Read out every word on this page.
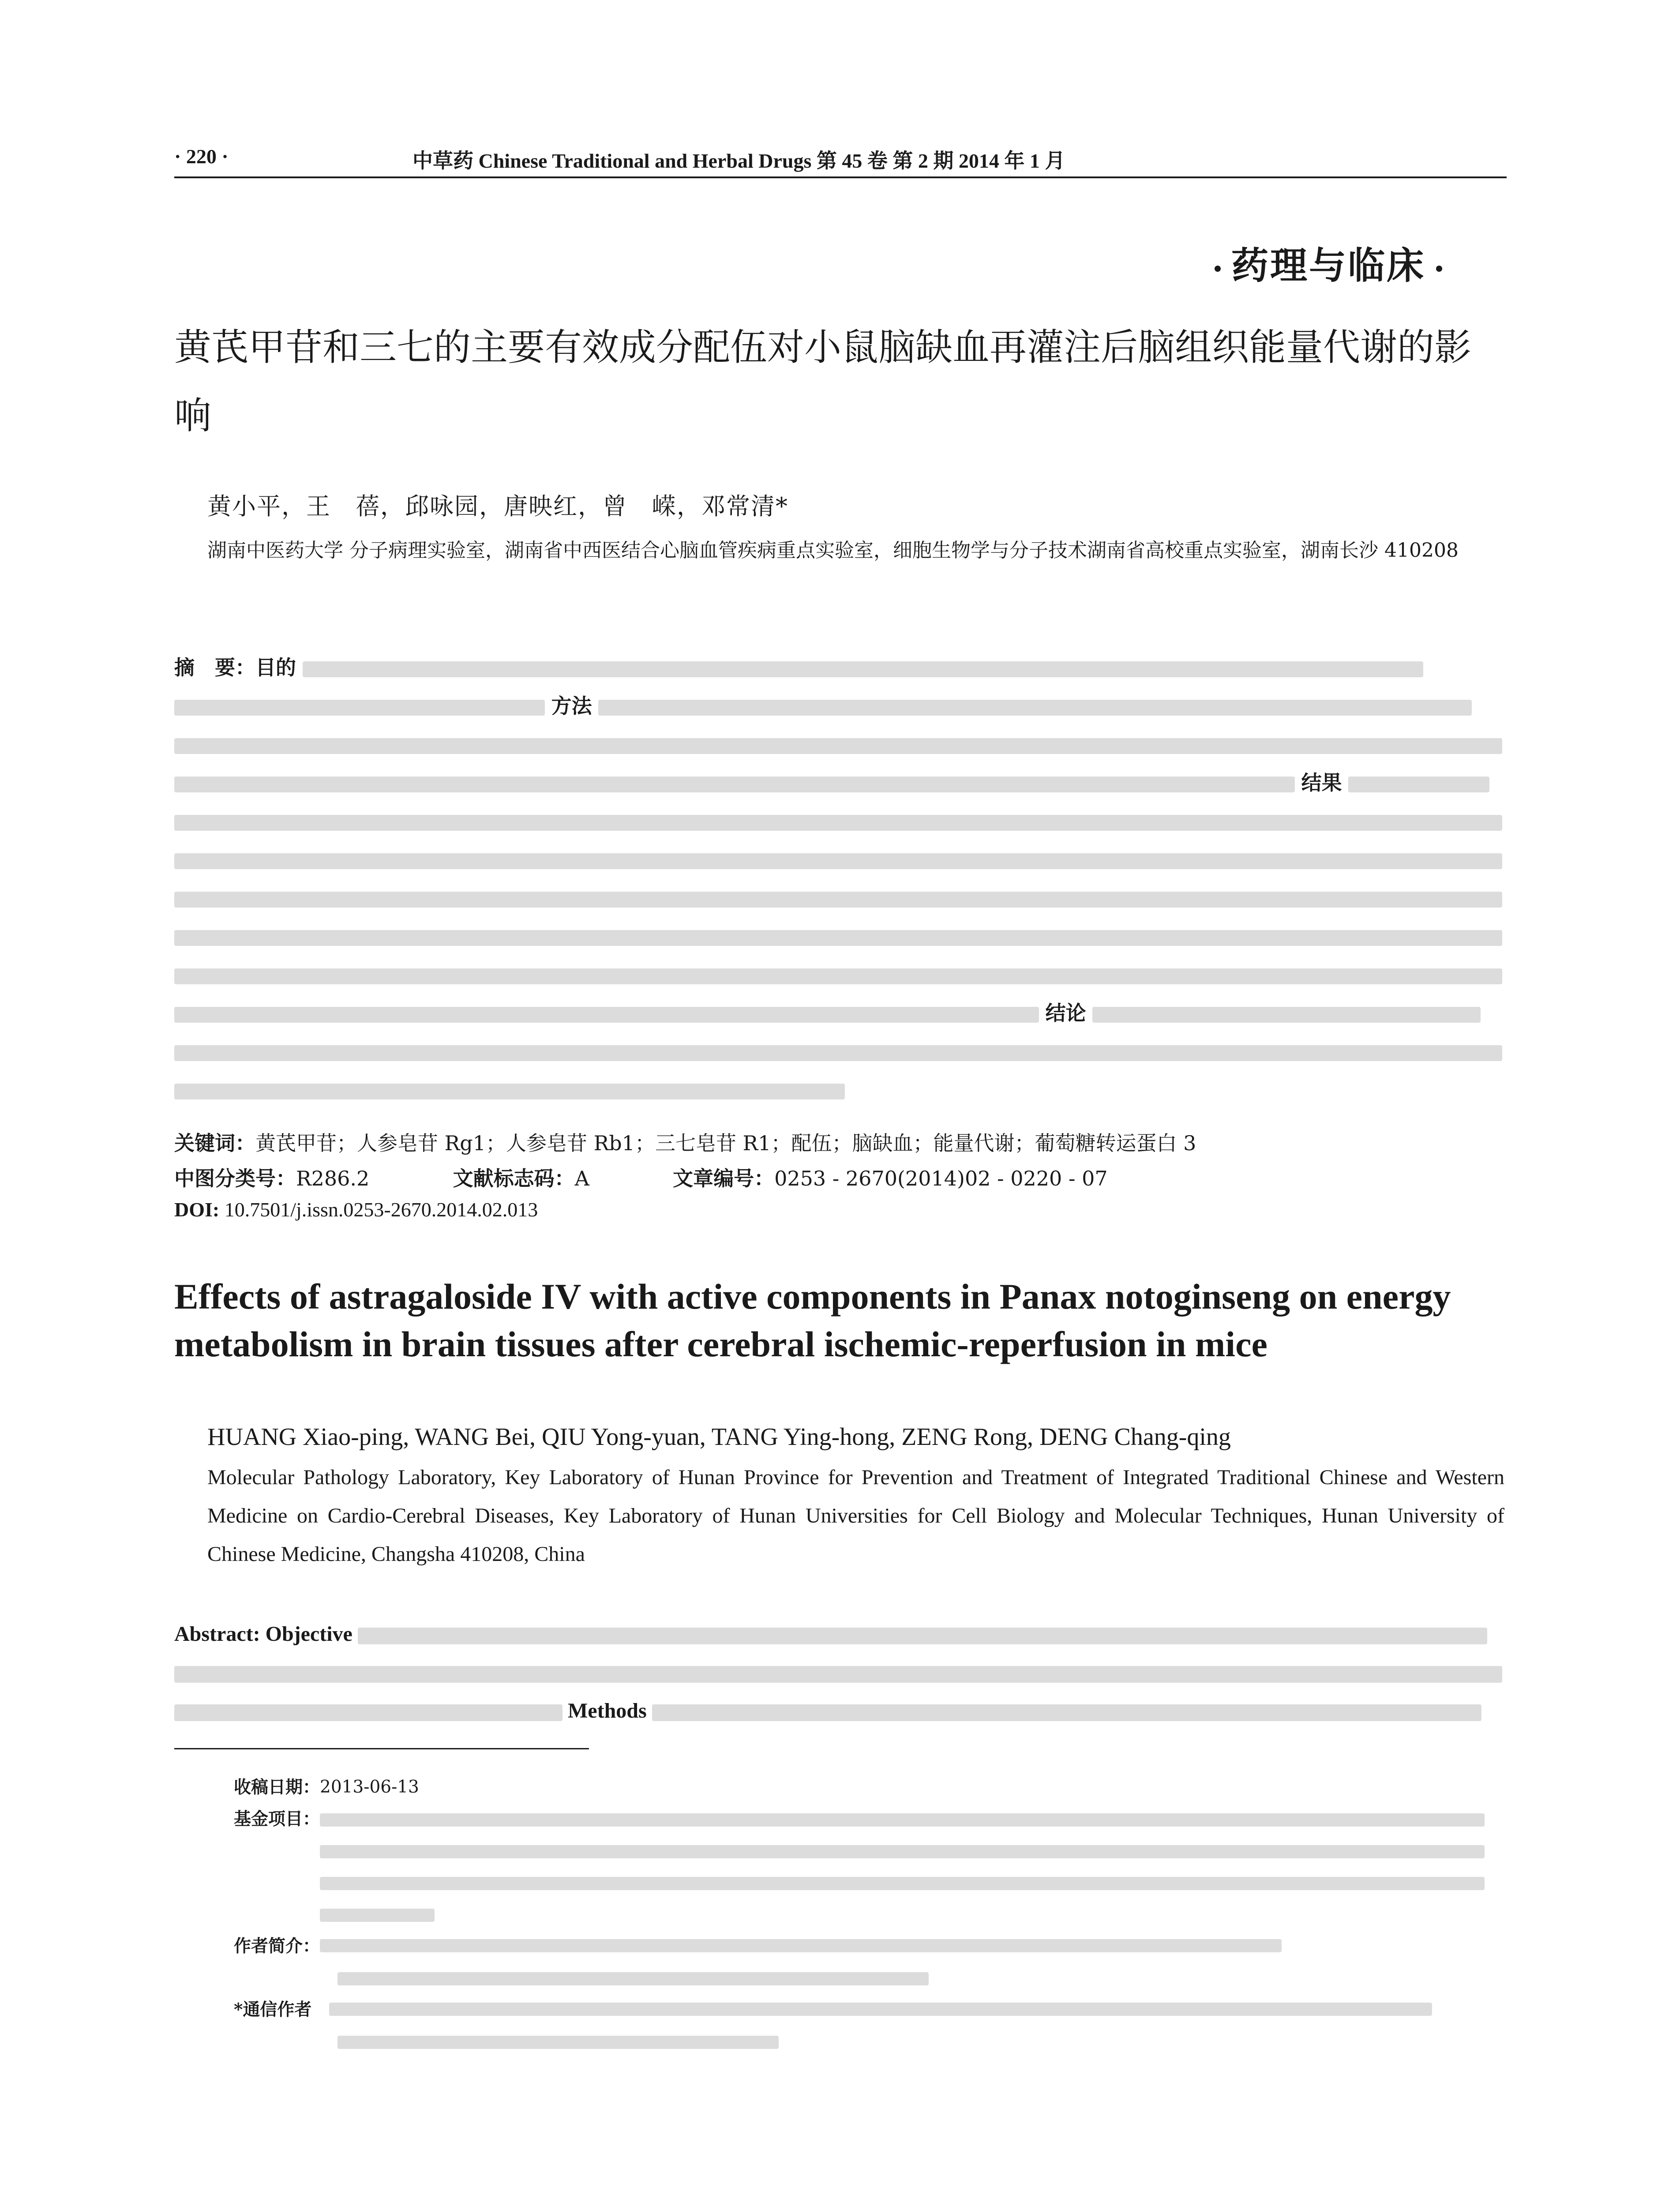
· 220 ·	中草药 Chinese Traditional and Herbal Drugs 第 45 卷 第 2 期 2014 年 1 月
药理与临床
黄芪甲苷和三七的主要有效成分配伍对小鼠脑缺血再灌注后脑组织能量代谢的影响
黄小平，王　蓓，邱咏园，唐映红，曾　嵘，邓常清*
湖南中医药大学 分子病理实验室，湖南省中西医结合心脑血管疾病重点实验室，细胞生物学与分子技术湖南省高校重点实验室，湖南长沙 410208
摘　要：目的
方法

结果

结论

关键词：黄芪甲苷；人参皂苷 Rg1；人参皂苷 Rb1；三七皂苷 R1；配伍；脑缺血；能量代谢；葡萄糖转运蛋白 3
中图分类号：R286.2	文献标志码：A	文章编号：0253 - 2670(2014)02 - 0220 - 07
DOI: 10.7501/j.issn.0253-2670.2014.02.013
Effects of astragaloside IV with active components in Panax notoginseng on energy metabolism in brain tissues after cerebral ischemic-reperfusion in mice
HUANG Xiao-ping, WANG Bei, QIU Yong-yuan, TANG Ying-hong, ZENG Rong, DENG Chang-qing
Molecular Pathology Laboratory, Key Laboratory of Hunan Province for Prevention and Treatment of Integrated Traditional Chinese and Western Medicine on Cardio-Cerebral Diseases, Key Laboratory of Hunan Universities for Cell Biology and Molecular Techniques, Hunan University of Chinese Medicine, Changsha 410208, China
Abstract: Objective

Methods
收稿日期： 2013-06-13
基金项目：

作者简介：
*通信作者
